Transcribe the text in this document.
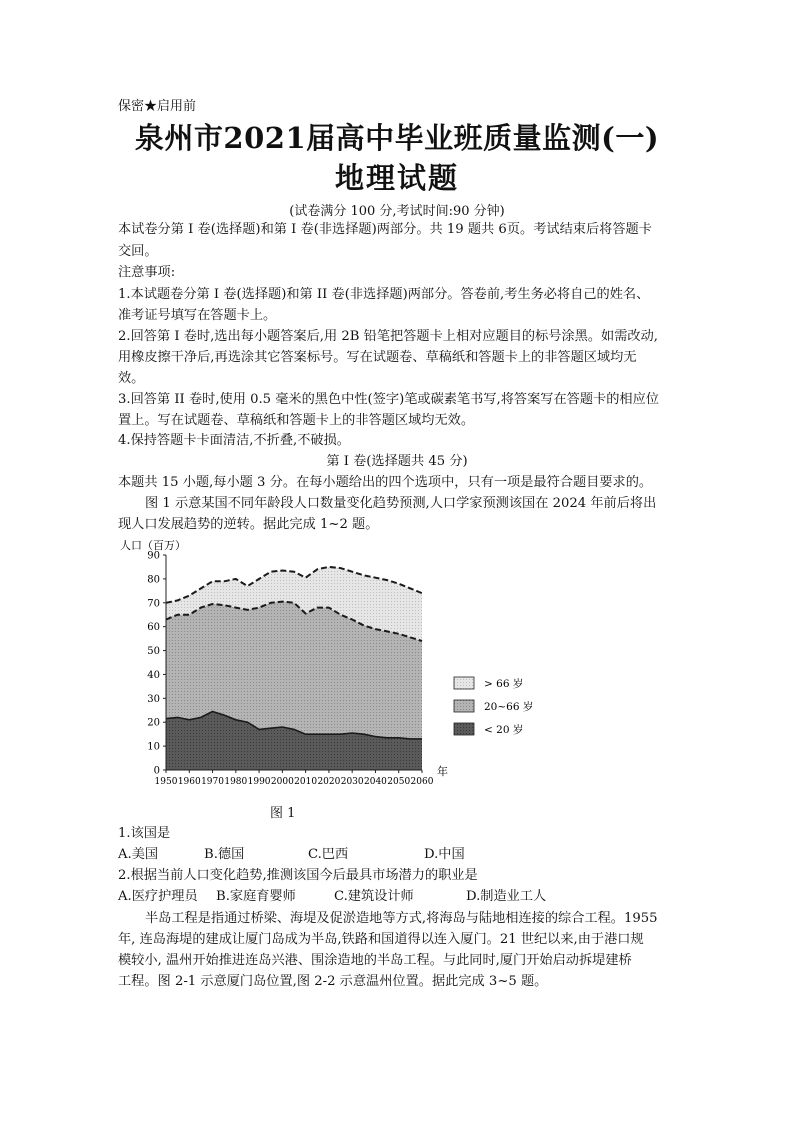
保密★启用前
泉州市2021届高中毕业班质量监测(一)
地理试题
(试卷满分 100 分,考试时间:90 分钟)
本试卷分第 I 卷(选择题)和第 I 卷(非选择题)两部分。共 19 题共 6页。考试结束后将答题卡
交回。
注意事项:
1.本试题卷分第 I 卷(选择题)和第 II 卷(非选择题)两部分。答卷前,考生务必将自己的姓名、
准考证号填写在答题卡上。
2.回答第 I 卷时,选出每小题答案后,用 2B 铅笔把答题卡上相对应题目的标号涂黑。如需改动,
用橡皮擦干净后,再选涂其它答案标号。写在试题卷、草稿纸和答题卡上的非答题区域均无
效。
3.回答第 II 卷时,使用 0.5 毫米的黑色中性(签字)笔或碳素笔书写,将答案写在答题卡的相应位
置上。写在试题卷、草稿纸和答题卡上的非答题区域均无效。
4.保持答题卡卡面清洁,不折叠,不破损。
第 I 卷(选择题共 45 分)
本题共 15 小题,每小题 3 分。在每小题给出的四个选项中，只有一项是最符合题目要求的。
图 1 示意某国不同年龄段人口数量变化趋势预测,人口学家预测该国在 2024 年前后将出
现人口发展趋势的逆转。据此完成 1~2 题。
人口（百万）
0
10
20
30
40
50
60
70
80
90
1950 1960 1970 1980 1990 2000 2010 2020 2030 2040 2050 2060
年
> 66 岁
20~66 岁
< 20 岁
图 1
1.该国是
A.美国	B.德国	C.巴西	D.中国
2.根据当前人口变化趋势,推测该国今后最具市场潜力的职业是
A.医疗护理员 B.家庭育婴师	C.建筑设计师	D.制造业工人
半岛工程是指通过桥梁、海堤及促淤造地等方式,将海岛与陆地相连接的综合工程。1955
年, 连岛海堤的建成让厦门岛成为半岛,铁路和国道得以连入厦门。21 世纪以来,由于港口规
模较小, 温州开始推进连岛兴港、围涂造地的半岛工程。与此同时,厦门开始启动拆堤建桥
工程。图 2-1 示意厦门岛位置,图 2-2 示意温州位置。据此完成 3~5 题。
